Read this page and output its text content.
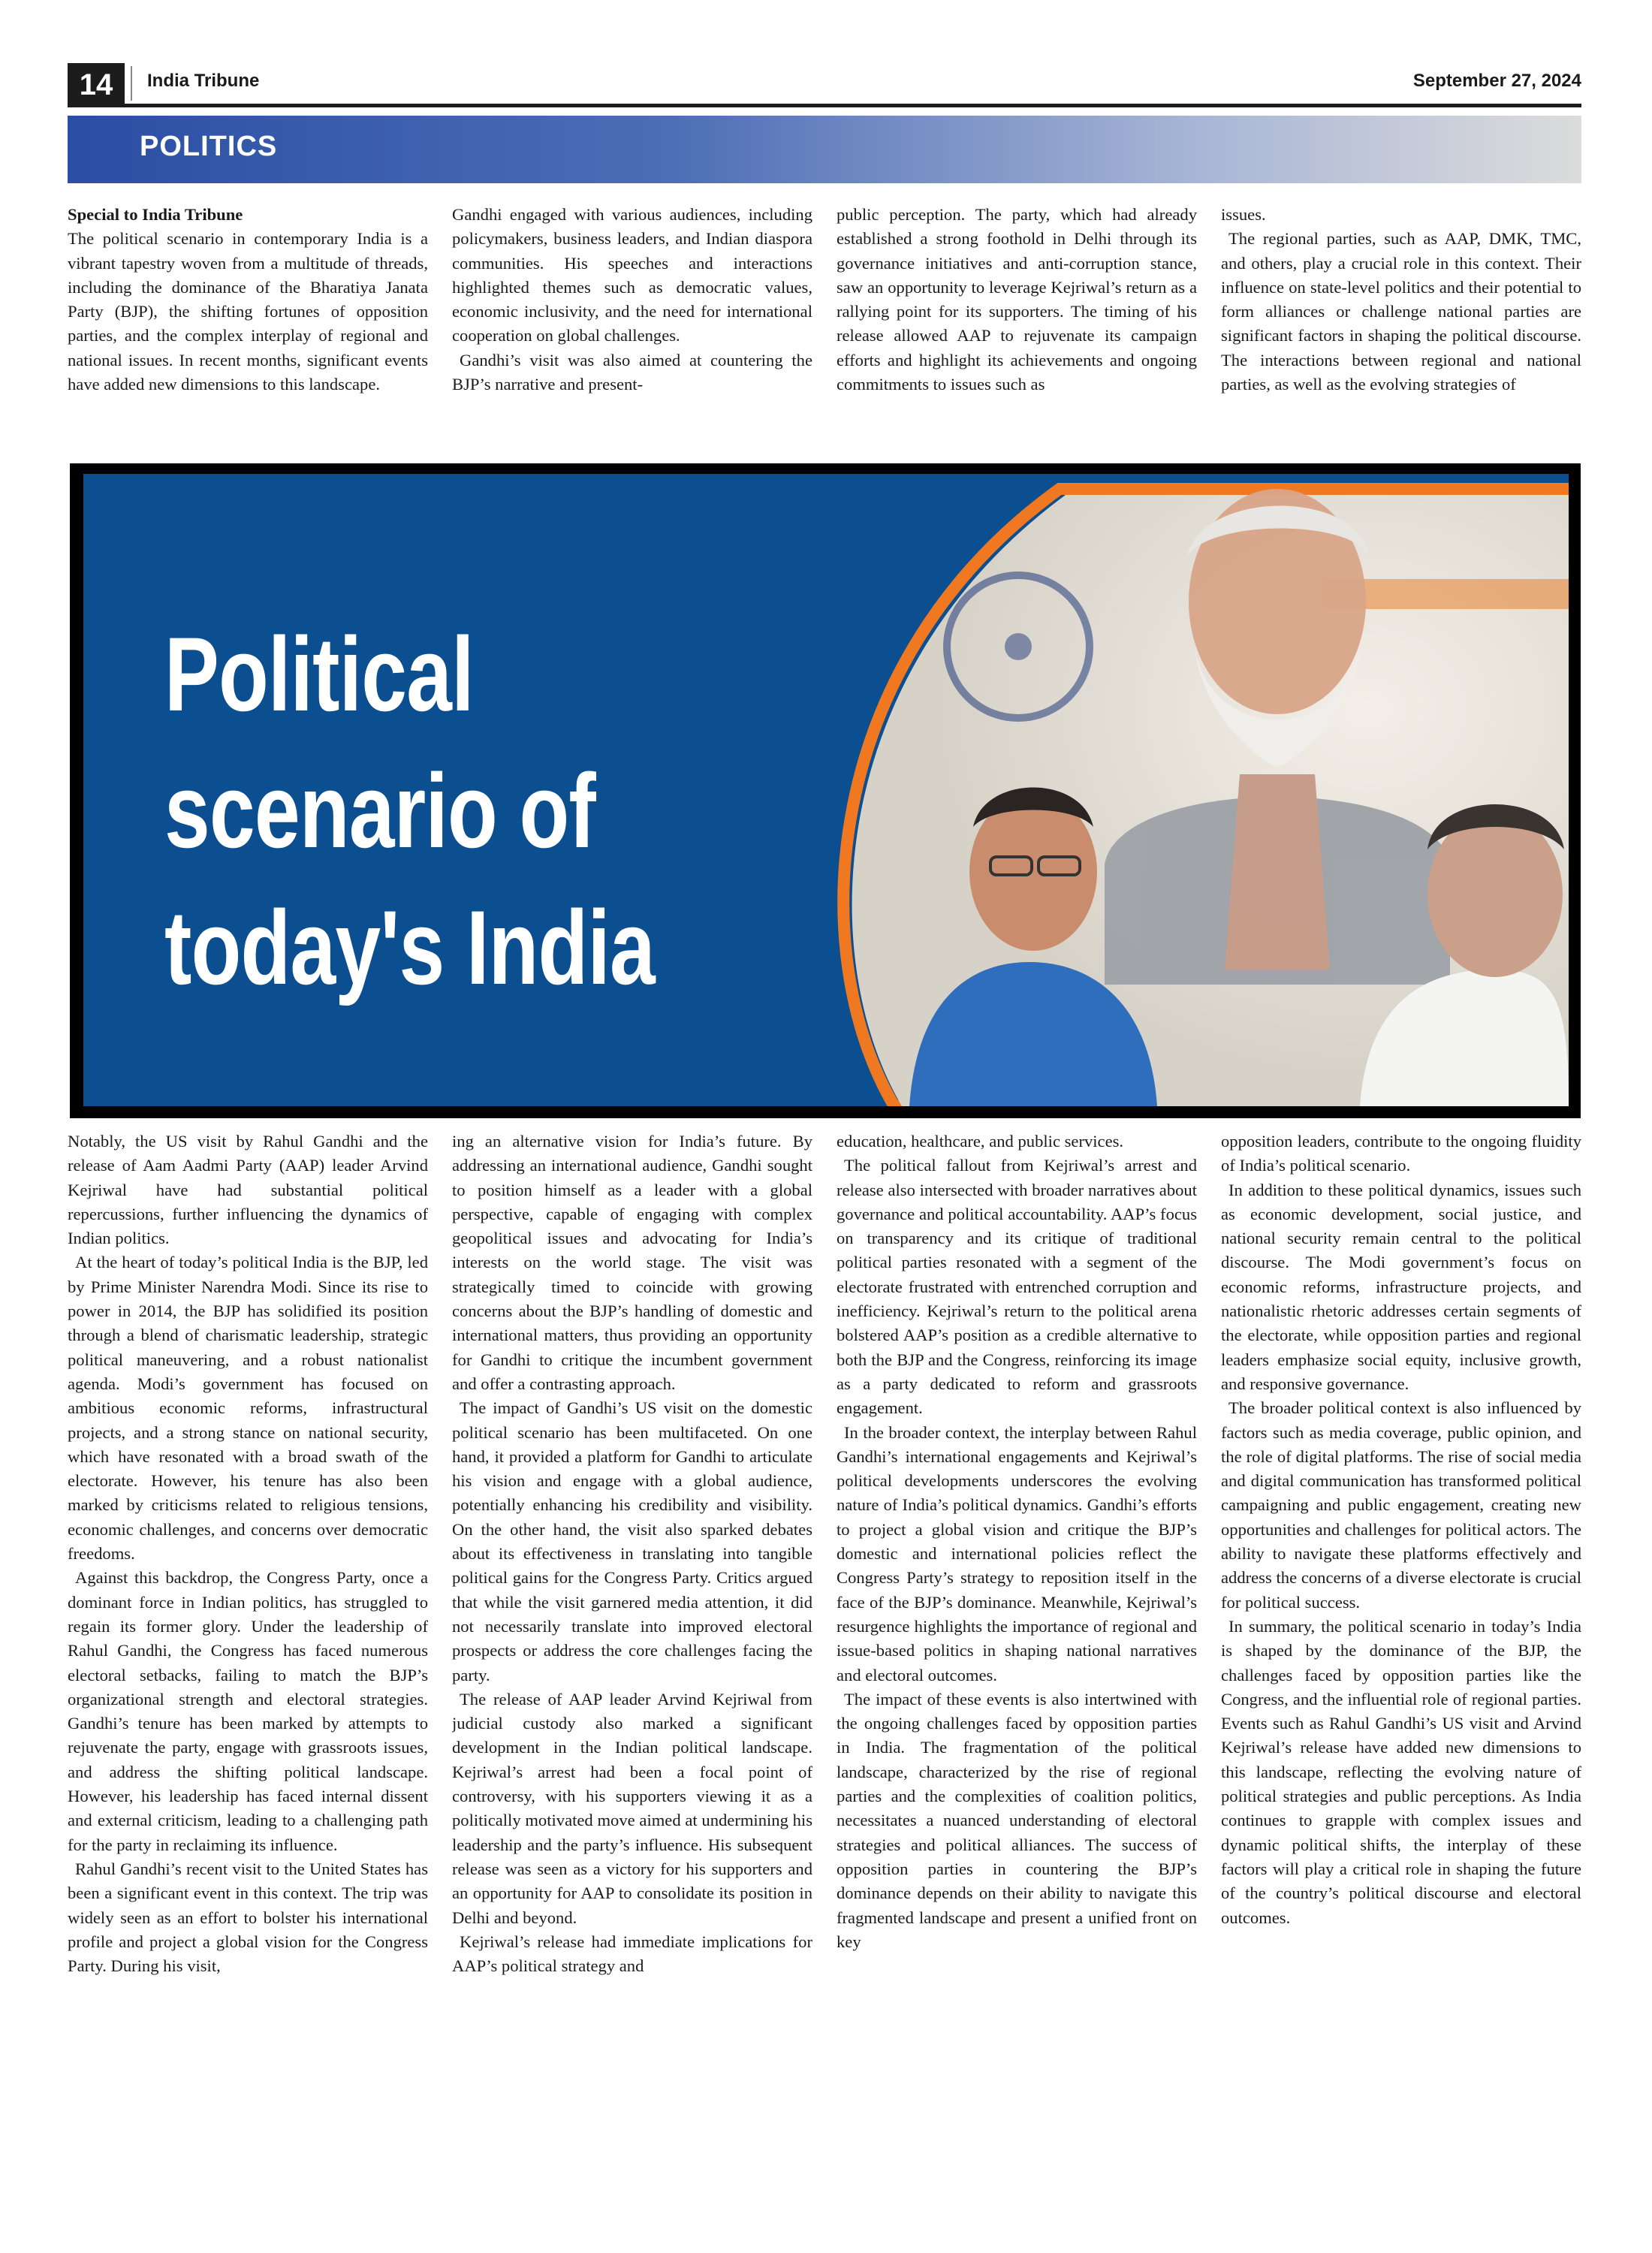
14	India Tribune	September 27, 2024
POLITICS
Special to India Tribune

The political scenario in contemporary India is a vibrant tapestry woven from a multitude of threads, including the dominance of the Bharatiya Janata Party (BJP), the shifting fortunes of opposition parties, and the complex interplay of regional and national issues. In recent months, significant events have added new dimensions to this landscape.

Gandhi engaged with various audiences, including policymakers, business leaders, and Indian diaspora communities. His speeches and interactions highlighted themes such as democratic values, economic inclusivity, and the need for international cooperation on global challenges.

Gandhi’s visit was also aimed at countering the BJP’s narrative and present-

public perception. The party, which had already established a strong foothold in Delhi through its governance initiatives and anti-corruption stance, saw an opportunity to leverage Kejriwal’s return as a rallying point for its supporters. The timing of his release allowed AAP to rejuvenate its campaign efforts and highlight its achievements and ongoing commitments to issues such as

issues.

The regional parties, such as AAP, DMK, TMC, and others, play a crucial role in this context. Their influence on state-level politics and their potential to form alliances or challenge national parties are significant factors in shaping the political discourse. The interactions between regional and national parties, as well as the evolving strategies of

Political
scenario of
today's India

Notably, the US visit by Rahul Gandhi and the release of Aam Aadmi Party (AAP) leader Arvind Kejriwal have had substantial political repercussions, further influencing the dynamics of Indian politics.

At the heart of today’s political India is the BJP, led by Prime Minister Narendra Modi. Since its rise to power in 2014, the BJP has solidified its position through a blend of charismatic leadership, strategic political maneuvering, and a robust nationalist agenda. Modi’s government has focused on ambitious economic reforms, infrastructural projects, and a strong stance on national security, which have resonated with a broad swath of the electorate. However, his tenure has also been marked by criticisms related to religious tensions, economic challenges, and concerns over democratic freedoms.

Against this backdrop, the Congress Party, once a dominant force in Indian politics, has struggled to regain its former glory. Under the leadership of Rahul Gandhi, the Congress has faced numerous electoral setbacks, failing to match the BJP’s organizational strength and electoral strategies. Gandhi’s tenure has been marked by attempts to rejuvenate the party, engage with grassroots issues, and address the shifting political landscape. However, his leadership has faced internal dissent and external criticism, leading to a challenging path for the party in reclaiming its influence.

Rahul Gandhi’s recent visit to the United States has been a significant event in this context. The trip was widely seen as an effort to bolster his international profile and project a global vision for the Congress Party. During his visit,

ing an alternative vision for India’s future. By addressing an international audience, Gandhi sought to position himself as a leader with a global perspective, capable of engaging with complex geopolitical issues and advocating for India’s interests on the world stage. The visit was strategically timed to coincide with growing concerns about the BJP’s handling of domestic and international matters, thus providing an opportunity for Gandhi to critique the incumbent government and offer a contrasting approach.

The impact of Gandhi’s US visit on the domestic political scenario has been multifaceted. On one hand, it provided a platform for Gandhi to articulate his vision and engage with a global audience, potentially enhancing his credibility and visibility. On the other hand, the visit also sparked debates about its effectiveness in translating into tangible political gains for the Congress Party. Critics argued that while the visit garnered media attention, it did not necessarily translate into improved electoral prospects or address the core challenges facing the party.

The release of AAP leader Arvind Kejriwal from judicial custody also marked a significant development in the Indian political landscape. Kejriwal’s arrest had been a focal point of controversy, with his supporters viewing it as a politically motivated move aimed at undermining his leadership and the party’s influence. His subsequent release was seen as a victory for his supporters and an opportunity for AAP to consolidate its position in Delhi and beyond.

Kejriwal’s release had immediate implications for AAP’s political strategy and

education, healthcare, and public services.

The political fallout from Kejriwal’s arrest and release also intersected with broader narratives about governance and political accountability. AAP’s focus on transparency and its critique of traditional political parties resonated with a segment of the electorate frustrated with entrenched corruption and inefficiency. Kejriwal’s return to the political arena bolstered AAP’s position as a credible alternative to both the BJP and the Congress, reinforcing its image as a party dedicated to reform and grassroots engagement.

In the broader context, the interplay between Rahul Gandhi’s international engagements and Kejriwal’s political developments underscores the evolving nature of India’s political dynamics. Gandhi’s efforts to project a global vision and critique the BJP’s domestic and international policies reflect the Congress Party’s strategy to reposition itself in the face of the BJP’s dominance. Meanwhile, Kejriwal’s resurgence highlights the importance of regional and issue-based politics in shaping national narratives and electoral outcomes.

The impact of these events is also intertwined with the ongoing challenges faced by opposition parties in India. The fragmentation of the political landscape, characterized by the rise of regional parties and the complexities of coalition politics, necessitates a nuanced understanding of electoral strategies and political alliances. The success of opposition parties in countering the BJP’s dominance depends on their ability to navigate this fragmented landscape and present a unified front on key

opposition leaders, contribute to the ongoing fluidity of India’s political scenario.

In addition to these political dynamics, issues such as economic development, social justice, and national security remain central to the political discourse. The Modi government’s focus on economic reforms, infrastructure projects, and nationalistic rhetoric addresses certain segments of the electorate, while opposition parties and regional leaders emphasize social equity, inclusive growth, and responsive governance.

The broader political context is also influenced by factors such as media coverage, public opinion, and the role of digital platforms. The rise of social media and digital communication has transformed political campaigning and public engagement, creating new opportunities and challenges for political actors. The ability to navigate these platforms effectively and address the concerns of a diverse electorate is crucial for political success.

In summary, the political scenario in today’s India is shaped by the dominance of the BJP, the challenges faced by opposition parties like the Congress, and the influential role of regional parties. Events such as Rahul Gandhi’s US visit and Arvind Kejriwal’s release have added new dimensions to this landscape, reflecting the evolving nature of political strategies and public perceptions. As India continues to grapple with complex issues and dynamic political shifts, the interplay of these factors will play a critical role in shaping the future of the country’s political discourse and electoral outcomes.
